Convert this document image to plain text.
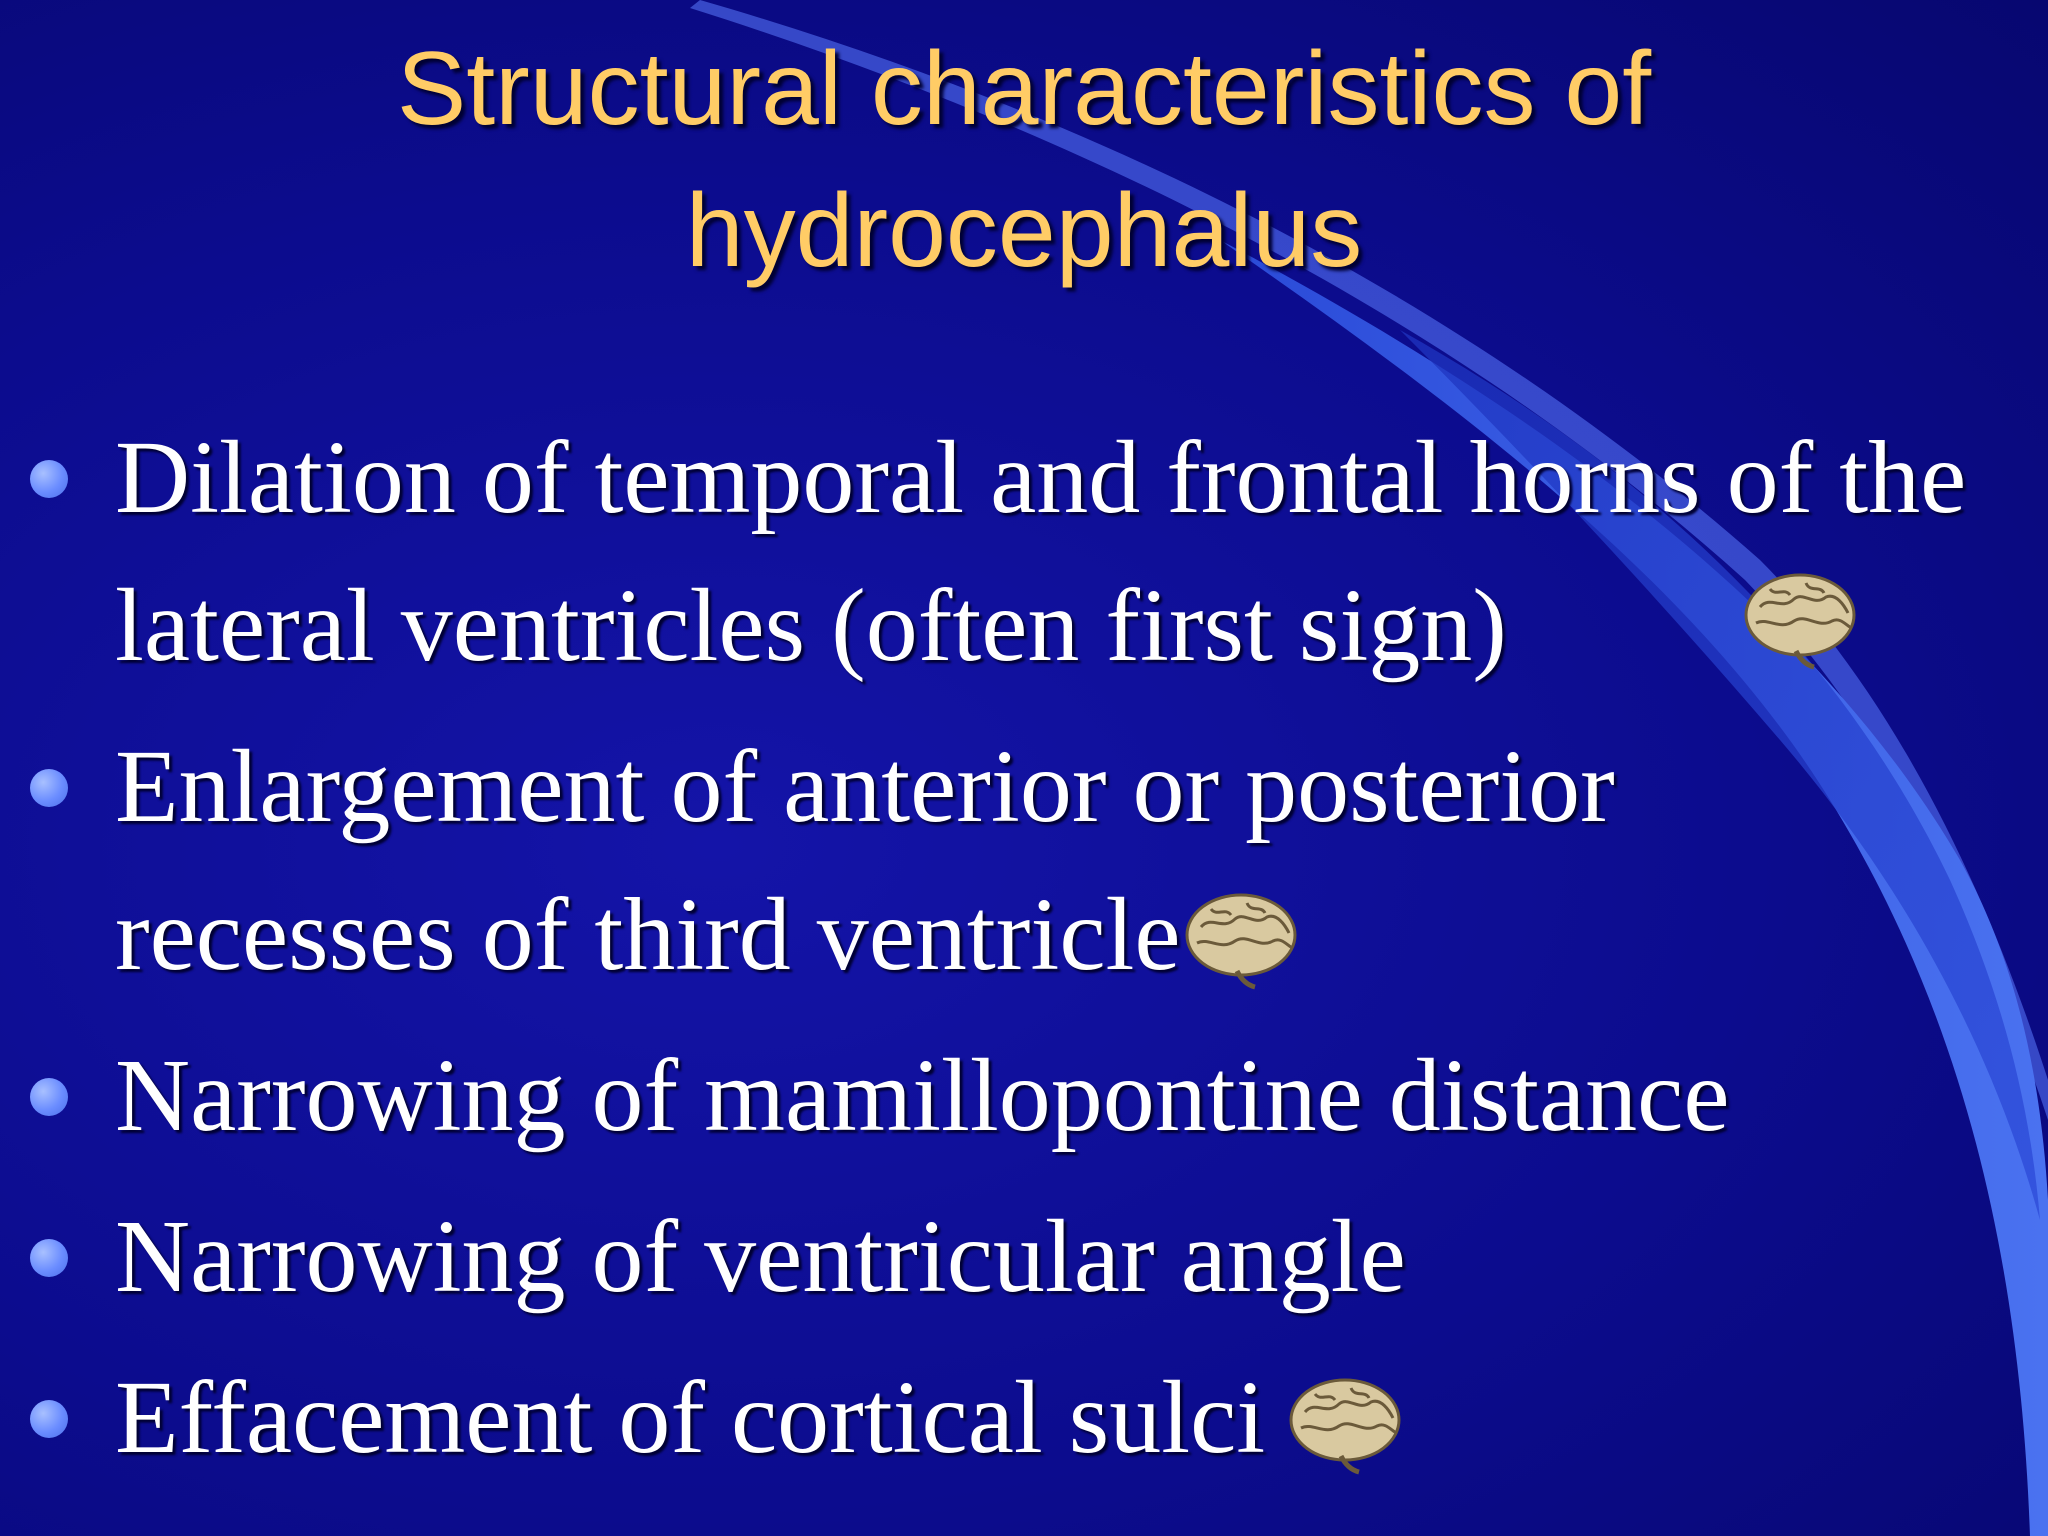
Structural characteristics of
hydrocephalus
Dilation of temporal and frontal horns of the
lateral ventricles (often first sign)
Enlargement of anterior or posterior
recesses of third ventricle
Narrowing of mamillopontine distance
Narrowing of ventricular angle
Effacement of cortical sulci
